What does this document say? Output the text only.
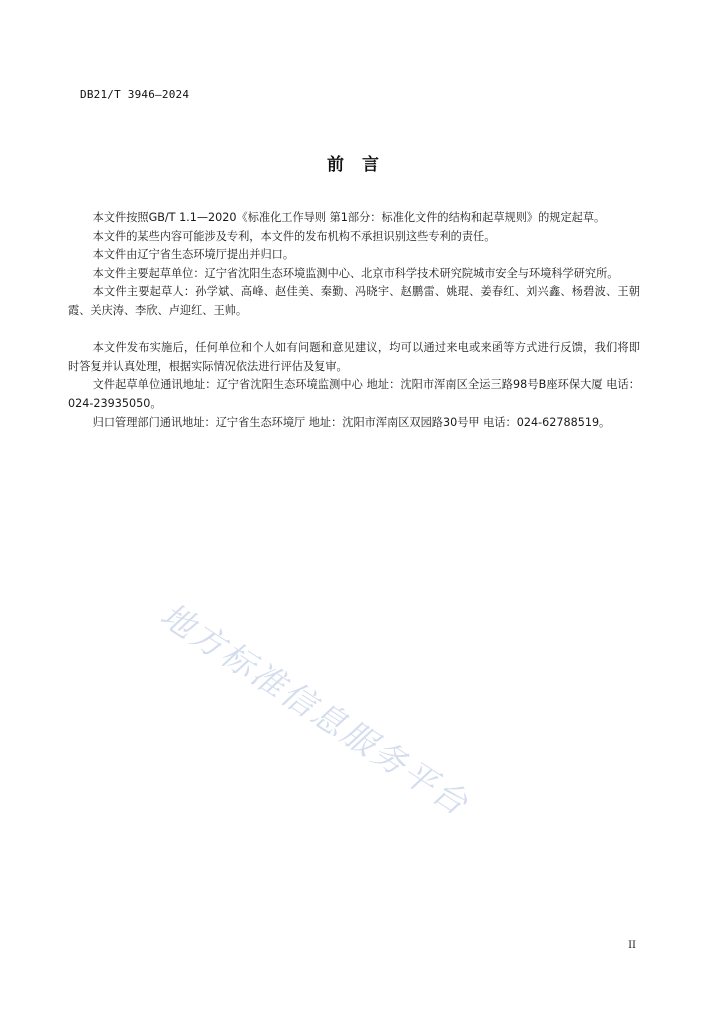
DB21/T 3946—2024
前言

本文件按照GB/T 1.1—2020《标准化工作导则 第1部分：标准化文件的结构和起草规则》的规定起草。

本文件的某些内容可能涉及专利，本文件的发布机构不承担识别这些专利的责任。

本文件由辽宁省生态环境厅提出并归口。

本文件主要起草单位：辽宁省沈阳生态环境监测中心、北京市科学技术研究院城市安全与环境科学研究所。

本文件主要起草人：孙学斌、高峰、赵佳美、秦勤、冯晓宇、赵鹏雷、姚琨、姜春红、刘兴鑫、杨碧波、王朝霞、关庆涛、李欣、卢迎红、王帅。

本文件发布实施后，任何单位和个人如有问题和意见建议，均可以通过来电或来函等方式进行反馈，我们将即时答复并认真处理，根据实际情况依法进行评估及复审。

文件起草单位通讯地址：辽宁省沈阳生态环境监测中心 地址：沈阳市浑南区全运三路98号B座环保大厦 电话：024-23935050。

归口管理部门通讯地址：辽宁省生态环境厅 地址：沈阳市浑南区双园路30号甲 电话：024-62788519。

地方标准信息服务平台
II
